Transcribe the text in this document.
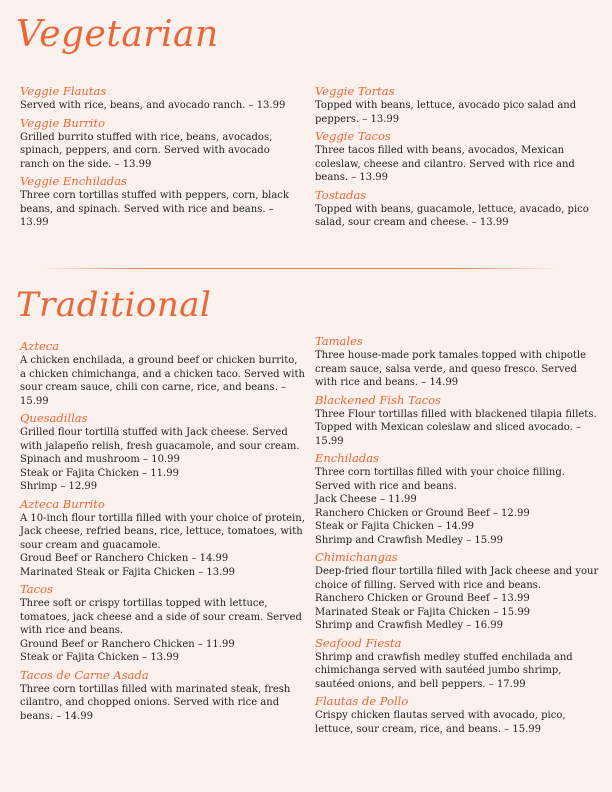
Vegetarian
Veggie Flautas
Served with rice, beans, and avocado ranch. – 13.99
Veggie Burrito
Grilled burrito stuffed with rice, beans, avocados, spinach, peppers, and corn. Served with avocado ranch on the side. – 13.99
Veggie Enchiladas
Three corn tortillas stuffed with peppers, corn, black beans, and spinach. Served with rice and beans. – 13.99
Veggie Tortas
Topped with beans, lettuce, avocado pico salad and peppers. – 13.99
Veggie Tacos
Three tacos filled with beans, avocados, Mexican coleslaw, cheese and cilantro. Served with rice and beans. – 13.99
Tostadas
Topped with beans, guacamole, lettuce, avacado, pico salad, sour cream and cheese. – 13.99
Traditional
Azteca
A chicken enchilada, a ground beef or chicken burrito, a chicken chimichanga, and a chicken taco. Served with sour cream sauce, chili con carne, rice, and beans. – 15.99
Quesadillas
Grilled flour tortilla stuffed with Jack cheese. Served with jalapeño relish, fresh guacamole, and sour cream.
Spinach and mushroom – 10.99
Steak or Fajita Chicken – 11.99
Shrimp – 12.99
Azteca Burrito
A 10-inch flour tortilla filled with your choice of protein, Jack cheese, refried beans, rice, lettuce, tomatoes, with sour cream and guacamole.
Groud Beef or Ranchero Chicken – 14.99
Marinated Steak or Fajita Chicken – 13.99
Tacos
Three soft or crispy tortillas topped with lettuce, tomatoes, jack cheese and a side of sour cream. Served with rice and beans.
Ground Beef or Ranchero Chicken – 11.99
Steak or Fajita Chicken – 13.99
Tacos de Carne Asada
Three corn tortillas filled with marinated steak, fresh cilantro, and chopped onions. Served with rice and beans. – 14.99
Tamales
Three house-made pork tamales topped with chipotle cream sauce, salsa verde, and queso fresco. Served with rice and beans. – 14.99
Blackened Fish Tacos
Three Flour tortillas filled with blackened tilapia fillets. Topped with Mexican coleslaw and sliced avocado. – 15.99
Enchiladas
Three corn tortillas filled with your choice filling. Served with rice and beans.
Jack Cheese – 11.99
Ranchero Chicken or Ground Beef – 12.99
Steak or Fajita Chicken – 14.99
Shrimp and Crawfish Medley – 15.99
Chimichangas
Deep-fried flour tortilla filled with Jack cheese and your choice of filling. Served with rice and beans.
Ranchero Chicken or Ground Beef – 13.99
Marinated Steak or Fajita Chicken – 15.99
Shrimp and Crawfish Medley – 16.99
Seafood Fiesta
Shrimp and crawfish medley stuffed enchilada and chimichanga served with sautéed jumbo shrimp, sautéed onions, and bell peppers. – 17.99
Flautas de Pollo
Crispy chicken flautas served with avocado, pico, lettuce, sour cream, rice, and beans. – 15.99
